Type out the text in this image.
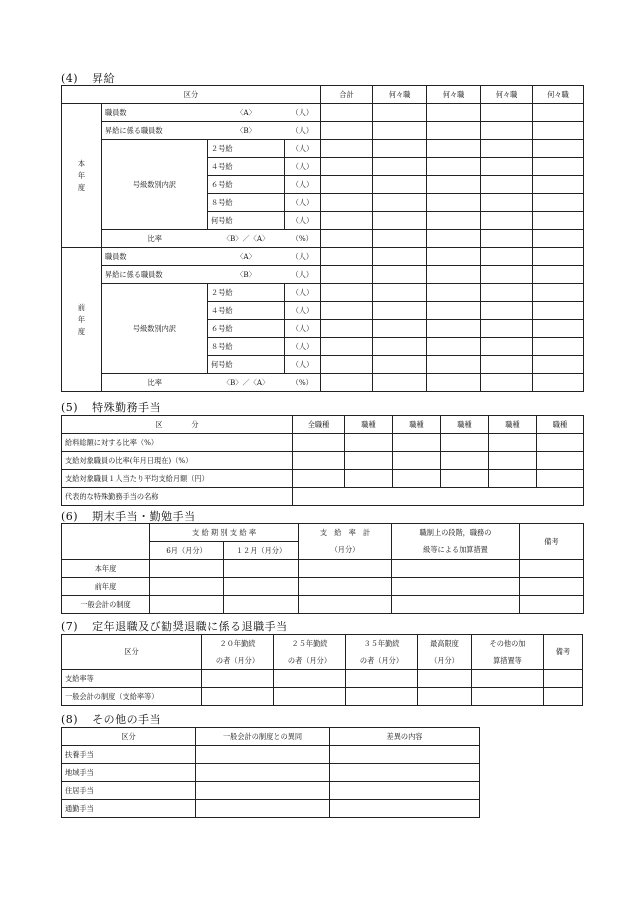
(4) 昇給
区分				合計	何々職	何々職	何々職	何々職

本
年
度	職員数	〈A〉	（人）					
	昇給に係る職員数	〈B〉	（人）					
	号級数別内訳	２号給	（人）					
		４号給	（人）					
		６号給	（人）					
		８号給	（人）					
		何号給	（人）					
	比率	〈B〉／〈A〉	（%）					

前
年
度	職員数	〈A〉	（人）					
	昇給に係る職員数	〈B〉	（人）					
	号級数別内訳	２号給	（人）					
		４号給	（人）					
		６号給	（人）					
		８号給	（人）					
		何号給	（人）					
	比率	〈B〉／〈A〉	（%）					
(5) 特殊勤務手当
区　　　　分	全職種	職種	職種	職種	職種	職種
給料総額に対する比率（%）						
支給対象職員の比率(年月日現在)（%）						
支給対象職員１人当たり平均支給月額（円）						
代表的な特殊勤務手当の名称						
(6) 期末手当・勤勉手当
	支 給 期 別 支 給 率		支　給　率　計	職制上の段階，職務の	備考
	6月（月分）	１２月（月分）	（月分）	級等による加算措置	
本年度					
前年度					
一般会計の制度					
(7) 定年退職及び勧奨退職に係る退職手当
区分	２０年勤続	２５年勤続	３５年勤続	最高限度	その他の加	備考
	の者（月分）	の者（月分）	の者（月分）	（月分）	算措置等	
支給率等						
一般会計の制度（支給率等）						
(8) その他の手当
区分	一般会計の制度との異同	差異の内容
扶養手当		
地域手当		
住居手当		
通勤手当		
